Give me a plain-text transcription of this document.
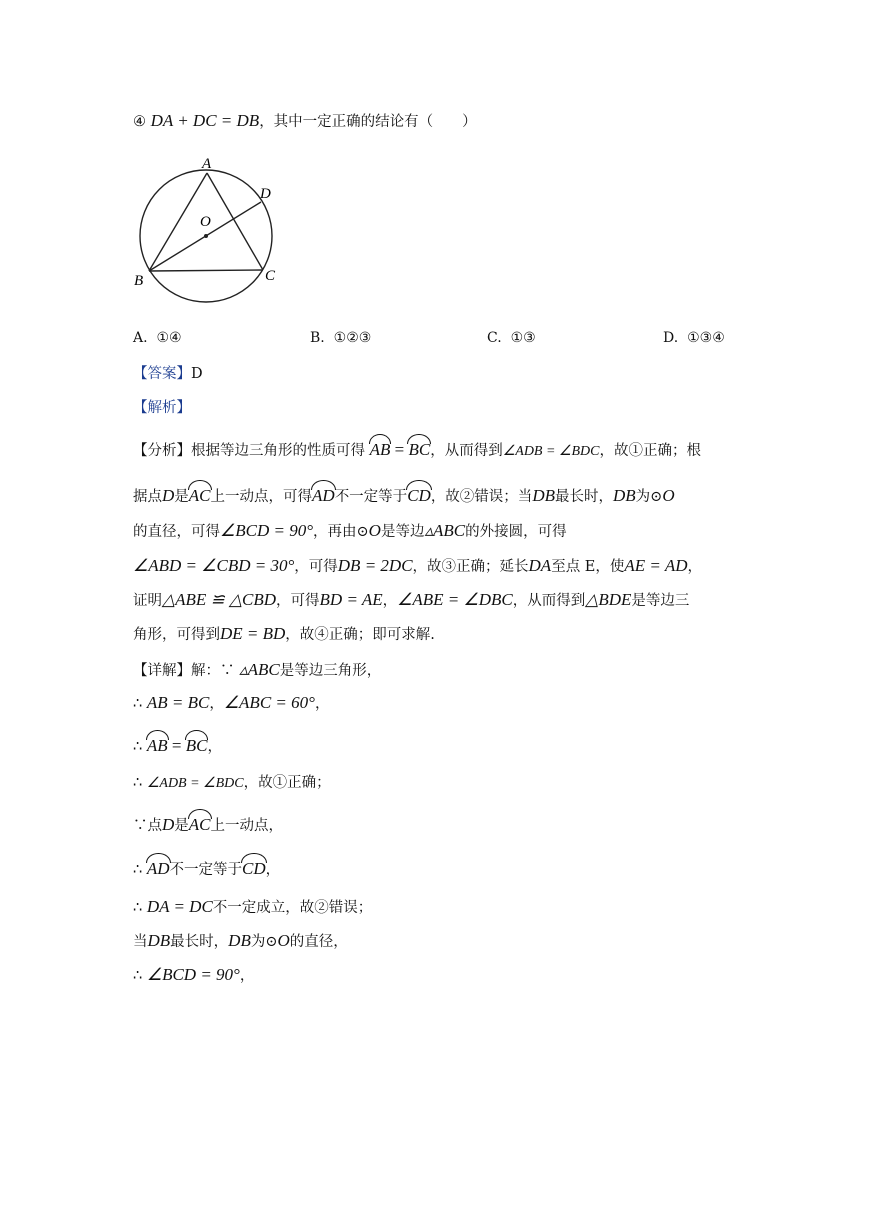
④ DA + DC = DB，其中一定正确的结论有（　　）
A
D
O
B	C
A. ①④	B. ①②③	C. ①③	D. ①③④
【答案】D
【解析】
【分析】根据等边三角形的性质可得 AB = BC，从而得到∠ADB = ∠BDC，故①正确；根
据点D是AC上一动点，可得AD不一定等于CD，故②错误；当DB最长时，DB为⊙O
的直径，可得∠BCD = 90°，再由⊙O是等边▵ABC的外接圆，可得
∠ABD = ∠CBD = 30°，可得DB = 2DC，故③正确；延长DA至点 E，使AE = AD，
证明△ABE ≌ △CBD，可得BD = AE，∠ABE = ∠DBC，从而得到△BDE是等边三
角形，可得到DE = BD，故④正确；即可求解.
【详解】解：∵ ▵ABC是等边三角形，
∴ AB = BC，∠ABC = 60°，
∴ AB = BC，
∴ ∠ADB = ∠BDC，故①正确；
∵点D是AC上一动点，
∴ AD不一定等于CD，
∴ DA = DC不一定成立，故②错误；
当DB最长时，DB为⊙O的直径，
∴ ∠BCD = 90°，
